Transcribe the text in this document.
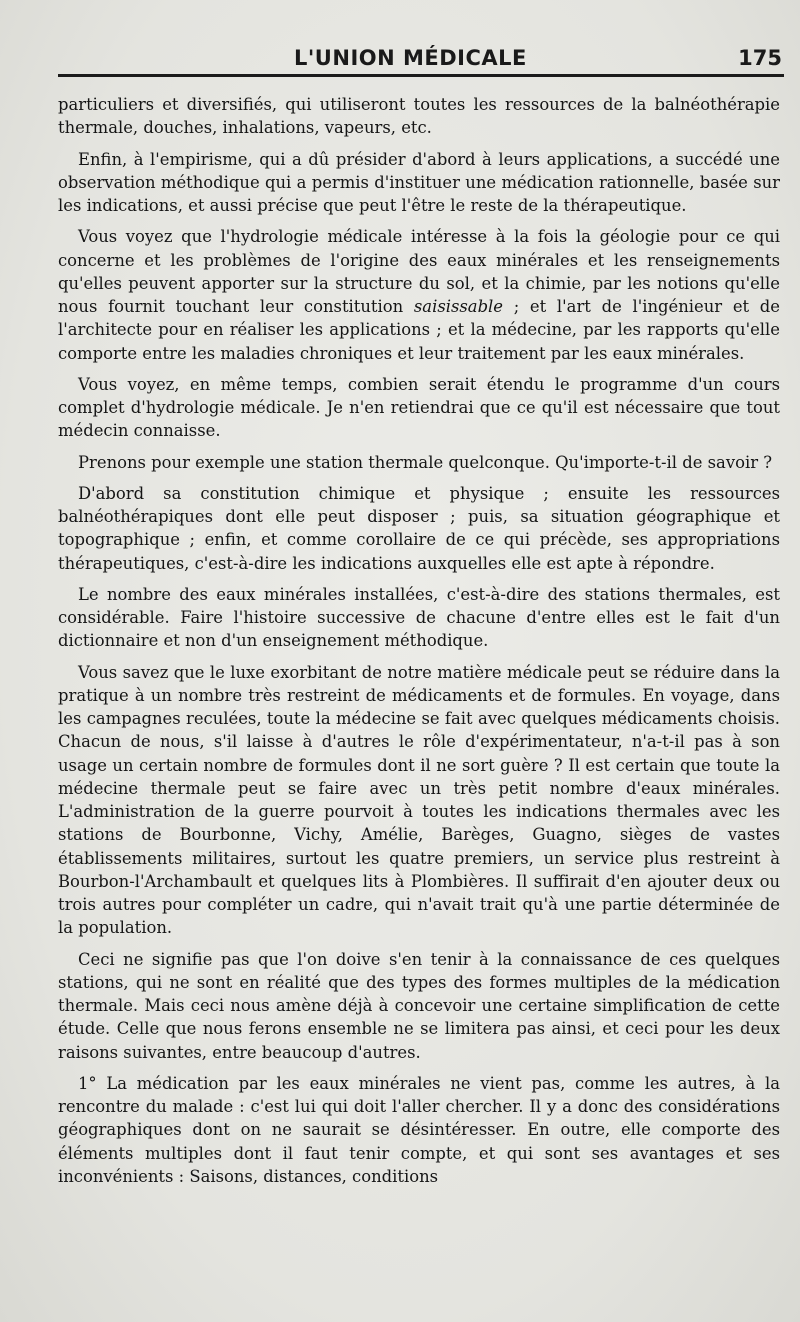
L'UNION MÉDICALE	175

particuliers et diversifiés, qui utiliseront toutes les ressources de la balnéothérapie thermale, douches, inhalations, vapeurs, etc.

Enfin, à l'empirisme, qui a dû présider d'abord à leurs applications, a succédé une observation méthodique qui a permis d'instituer une médication rationnelle, basée sur les indications, et aussi précise que peut l'être le reste de la thérapeutique.

Vous voyez que l'hydrologie médicale intéresse à la fois la géologie pour ce qui concerne et les problèmes de l'origine des eaux minérales et les renseignements qu'elles peuvent apporter sur la structure du sol, et la chimie, par les notions qu'elle nous fournit touchant leur constitution saisissable ; et l'art de l'ingénieur et de l'architecte pour en réaliser les applications ; et la médecine, par les rapports qu'elle comporte entre les maladies chroniques et leur traitement par les eaux minérales.

Vous voyez, en même temps, combien serait étendu le programme d'un cours complet d'hydrologie médicale. Je n'en retiendrai que ce qu'il est nécessaire que tout médecin connaisse.

Prenons pour exemple une station thermale quelconque. Qu'importe-t-il de savoir ?

D'abord sa constitution chimique et physique ; ensuite les ressources balnéothérapiques dont elle peut disposer ; puis, sa situation géographique et topographique ; enfin, et comme corollaire de ce qui précède, ses appropriations thérapeutiques, c'est-à-dire les indications auxquelles elle est apte à répondre.

Le nombre des eaux minérales installées, c'est-à-dire des stations thermales, est considérable. Faire l'histoire successive de chacune d'entre elles est le fait d'un dictionnaire et non d'un enseignement méthodique.

Vous savez que le luxe exorbitant de notre matière médicale peut se réduire dans la pratique à un nombre très restreint de médicaments et de formules. En voyage, dans les campagnes reculées, toute la médecine se fait avec quelques médicaments choisis. Chacun de nous, s'il laisse à d'autres le rôle d'expérimentateur, n'a-t-il pas à son usage un certain nombre de formules dont il ne sort guère ? Il est certain que toute la médecine thermale peut se faire avec un très petit nombre d'eaux minérales. L'administration de la guerre pourvoit à toutes les indications thermales avec les stations de Bourbonne, Vichy, Amélie, Barèges, Guagno, sièges de vastes établissements militaires, surtout les quatre premiers, un service plus restreint à Bourbon-l'Archambault et quelques lits à Plombières. Il suffirait d'en ajouter deux ou trois autres pour compléter un cadre, qui n'avait trait qu'à une partie déterminée de la population.

Ceci ne signifie pas que l'on doive s'en tenir à la connaissance de ces quelques stations, qui ne sont en réalité que des types des formes multiples de la médication thermale. Mais ceci nous amène déjà à concevoir une certaine simplification de cette étude. Celle que nous ferons ensemble ne se limitera pas ainsi, et ceci pour les deux raisons suivantes, entre beaucoup d'autres.

1° La médication par les eaux minérales ne vient pas, comme les autres, à la rencontre du malade : c'est lui qui doit l'aller chercher. Il y a donc des considérations géographiques dont on ne saurait se désintéresser. En outre, elle comporte des éléments multiples dont il faut tenir compte, et qui sont ses avantages et ses inconvénients : Saisons, distances, conditions
